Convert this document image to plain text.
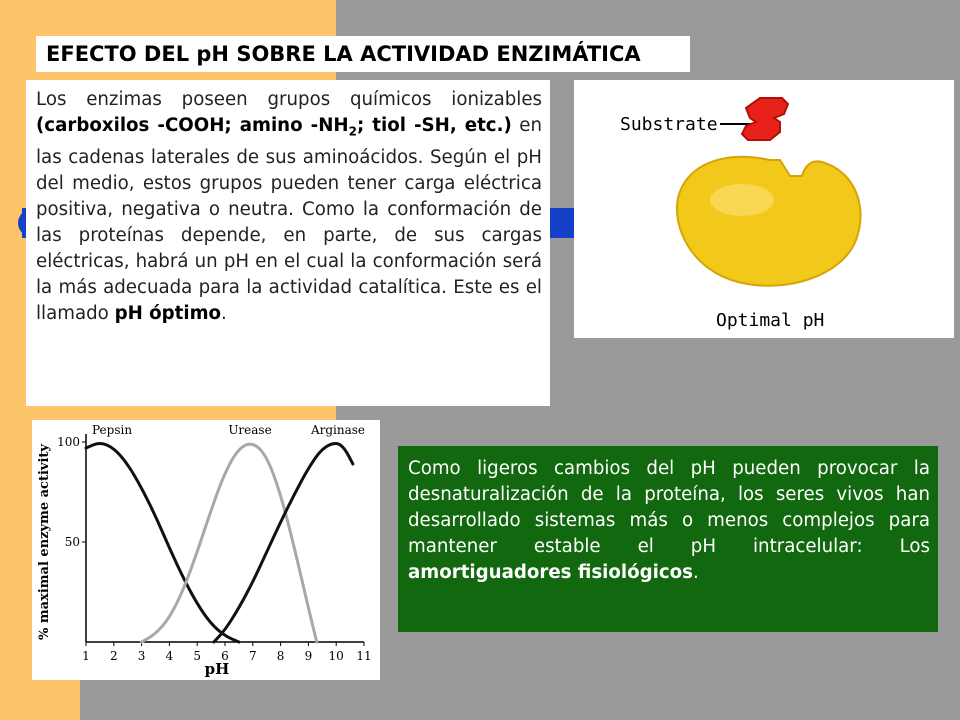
EFECTO DEL pH SOBRE LA ACTIVIDAD ENZIMÁTICA

Los enzimas poseen grupos químicos ionizables (carboxilos -COOH; amino $-NH_2$; tiol -SH, etc.) en las cadenas laterales de sus aminoácidos. Según el pH del medio, estos grupos pueden tener carga eléctrica positiva, negativa o neutra. Como la conformación de las proteínas depende, en parte, de sus cargas eléctricas, habrá un pH en el cual la conformación será la más adecuada para la actividad catalítica. Este es el llamado pH óptimo.

Substrate
Optimal pH
1 2 3 4 5 6 7 8 9 10 11
100
50
Pepsin	Urease	Arginase
pH
% maximal enzyme activity	Como ligeros cambios del pH pueden provocar la desnaturalización de la proteína, los seres vivos han desarrollado sistemas más o menos complejos para mantener estable el pH intracelular: Los amortiguadores fisiológicos.
